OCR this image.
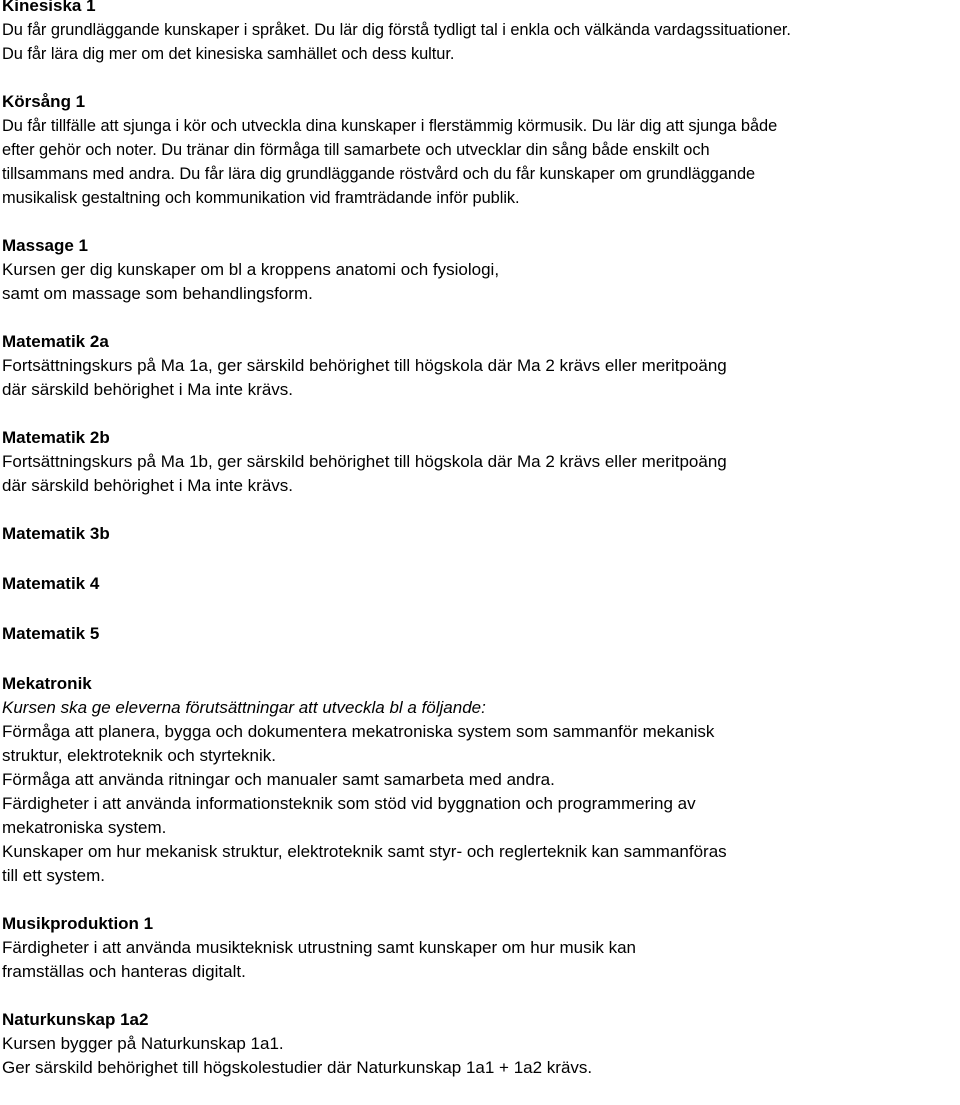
Kinesiska 1

Du får grundläggande kunskaper i språket. Du lär dig förstå tydligt tal i enkla och välkända vardagssituationer.

Du får lära dig mer om det kinesiska samhället och dess kultur.

Körsång 1

Du får tillfälle att sjunga i kör och utveckla dina kunskaper i flerstämmig körmusik. Du lär dig att sjunga både

efter gehör och noter. Du tränar din förmåga till samarbete och utvecklar din sång både enskilt och

tillsammans med andra. Du får lära dig grundläggande röstvård och du får kunskaper om grundläggande

musikalisk gestaltning och kommunikation vid framträdande inför publik.

Massage 1

Kursen ger dig kunskaper om bl a kroppens anatomi och fysiologi,

samt om massage som behandlingsform.

Matematik 2a

Fortsättningskurs på Ma 1a, ger särskild behörighet till högskola där Ma 2 krävs eller meritpoäng

där särskild behörighet i Ma inte krävs.

Matematik 2b

Fortsättningskurs på Ma 1b, ger särskild behörighet till högskola där Ma 2 krävs eller meritpoäng

där särskild behörighet i Ma inte krävs.

Matematik 3b

Matematik 4

Matematik 5

Mekatronik

Kursen ska ge eleverna förutsättningar att utveckla bl a följande:

Förmåga att planera, bygga och dokumentera mekatroniska system som sammanför mekanisk

struktur, elektroteknik och styrteknik.

Förmåga att använda ritningar och manualer samt samarbeta med andra.

Färdigheter i att använda informationsteknik som stöd vid byggnation och programmering av

mekatroniska system.

Kunskaper om hur mekanisk struktur, elektroteknik samt styr- och reglerteknik kan sammanföras

till ett system.

Musikproduktion 1

Färdigheter i att använda musikteknisk utrustning samt kunskaper om hur musik kan

framställas och hanteras digitalt.

Naturkunskap 1a2

Kursen bygger på Naturkunskap 1a1.

Ger särskild behörighet till högskolestudier där Naturkunskap 1a1 + 1a2 krävs.
